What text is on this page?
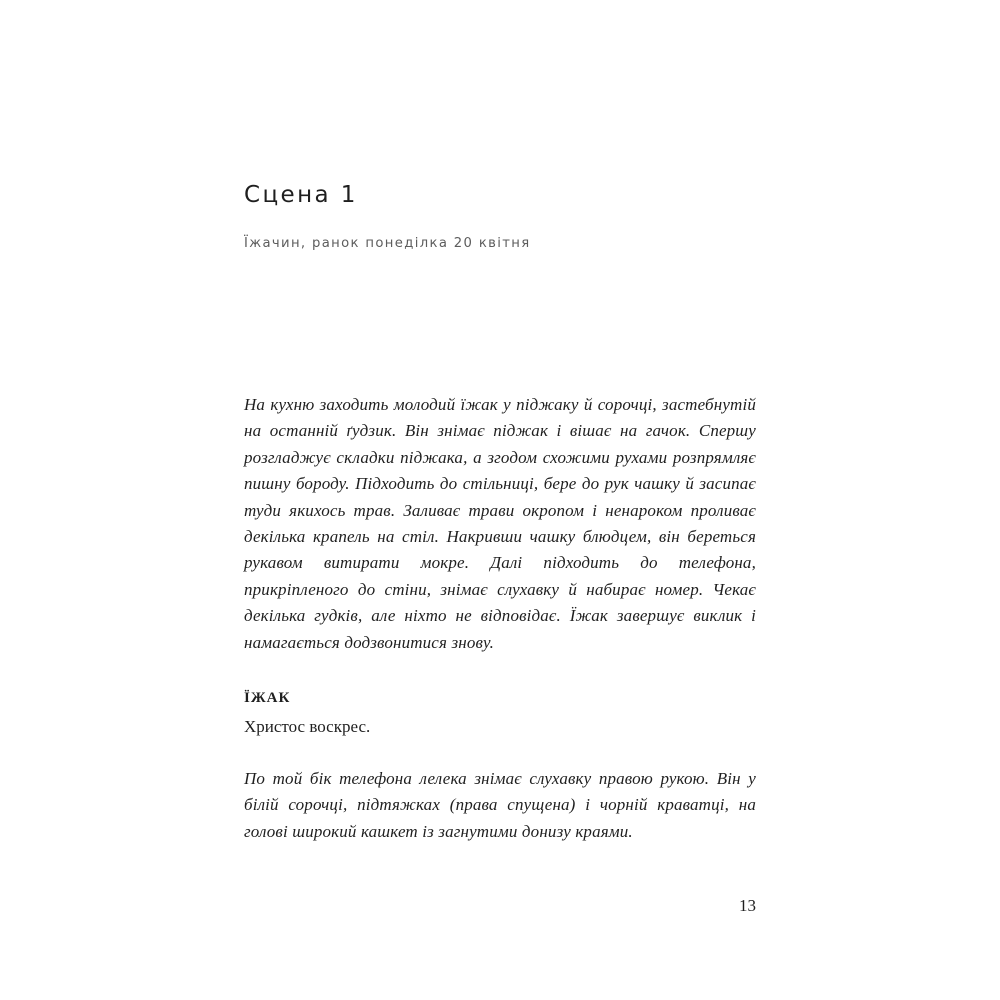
Сцена 1
Їжачин, ранок понеділка 20 квітня

На кухню заходить молодий їжак у піджаку й сорочці, застебнутій на останній ґудзик. Він знімає піджак і вішає на гачок. Спершу розгладжує складки піджака, а згодом схожими рухами розпрямляє пишну бороду. Підходить до стільниці, бере до рук чашку й засипає туди якихось трав. Заливає трави окропом і ненароком проливає декілька крапель на стіл. Накривши чашку блюдцем, він береться рукавом витирати мокре. Далі підходить до телефона, прикріпленого до стіни, знімає слухавку й набирає номер. Чекає декілька гудків, але ніхто не відповідає. Їжак завершує виклик і намагається додзвонитися знову.

ЇЖАК
Христос воскрес.

По той бік телефона лелека знімає слухавку правою рукою. Він у білій сорочці, підтяжках (права спущена) і чорній краватці, на голові широкий кашкет із загнутими донизу краями.

13
